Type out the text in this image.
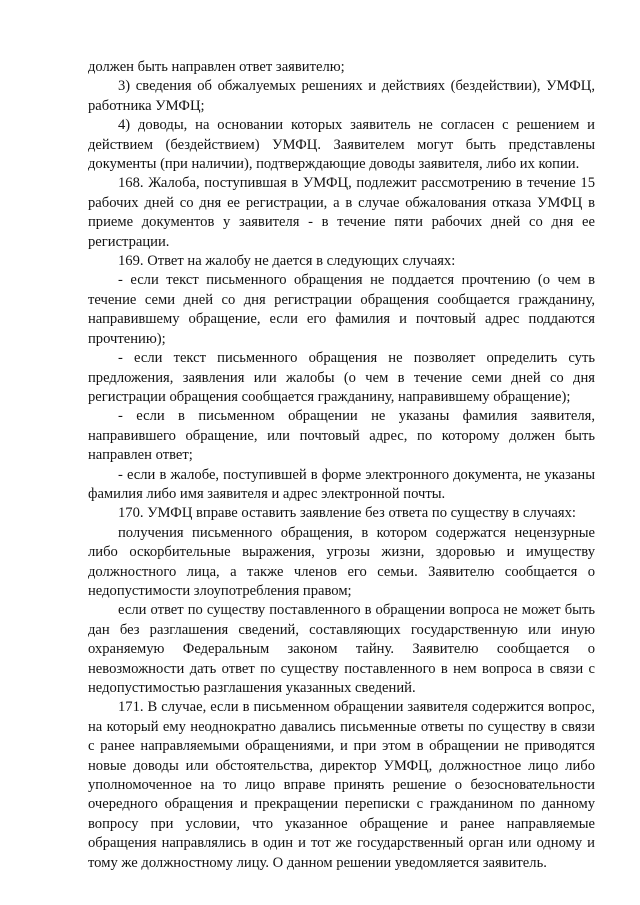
должен быть направлен ответ заявителю;

3) сведения об обжалуемых решениях и действиях (бездействии), УМФЦ, работника УМФЦ;

4) доводы, на основании которых заявитель не согласен с решением и действием (бездействием) УМФЦ. Заявителем могут быть представлены документы (при наличии), подтверждающие доводы заявителя, либо их копии.

168. Жалоба, поступившая в УМФЦ, подлежит рассмотрению в течение 15 рабочих дней со дня ее регистрации, а в случае обжалования отказа УМФЦ в приеме документов у заявителя - в течение пяти рабочих дней со дня ее регистрации.

169. Ответ на жалобу не дается в следующих случаях:

- если текст письменного обращения не поддается прочтению (о чем в течение семи дней со дня регистрации обращения сообщается гражданину, направившему обращение, если его фамилия и почтовый адрес поддаются прочтению);

- если текст письменного обращения не позволяет определить суть предложения, заявления или жалобы (о чем в течение семи дней со дня регистрации обращения сообщается гражданину, направившему обращение);

- если в письменном обращении не указаны фамилия заявителя, направившего обращение, или почтовый адрес, по которому должен быть направлен ответ;

- если в жалобе, поступившей в форме электронного документа, не указаны фамилия либо имя заявителя и адрес электронной почты.

170. УМФЦ вправе оставить заявление без ответа по существу в случаях:

получения письменного обращения, в котором содержатся нецензурные либо оскорбительные выражения, угрозы жизни, здоровью и имуществу должностного лица, а также членов его семьи. Заявителю сообщается о недопустимости злоупотребления правом;

если ответ по существу поставленного в обращении вопроса не может быть дан без разглашения сведений, составляющих государственную или иную охраняемую Федеральным законом тайну. Заявителю сообщается о невозможности дать ответ по существу поставленного в нем вопроса в связи с недопустимостью разглашения указанных сведений.

171. В случае, если в письменном обращении заявителя содержится вопрос, на который ему неоднократно давались письменные ответы по существу в связи с ранее направляемыми обращениями, и при этом в обращении не приводятся новые доводы или обстоятельства, директор УМФЦ, должностное лицо либо уполномоченное на то лицо вправе принять решение о безосновательности очередного обращения и прекращении переписки с гражданином по данному вопросу при условии, что указанное обращение и ранее направляемые обращения направлялись в один и тот же государственный орган или одному и тому же должностному лицу. О данном решении уведомляется заявитель.
